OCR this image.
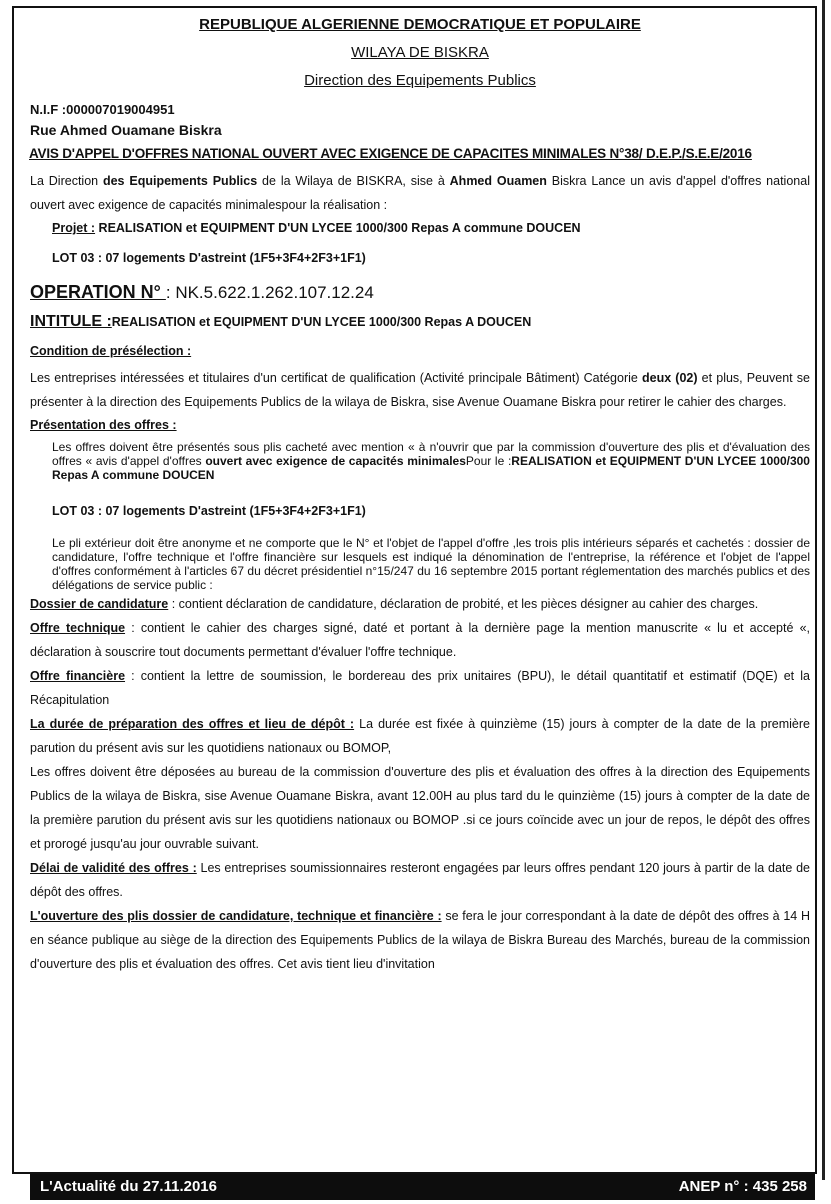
REPUBLIQUE ALGERIENNE DEMOCRATIQUE ET POPULAIRE
WILAYA DE BISKRA
Direction des Equipements Publics

N.I.F :000007019004951

Rue Ahmed Ouamane Biskra

AVIS D'APPEL D'OFFRES NATIONAL OUVERT AVEC EXIGENCE DE CAPACITES MINIMALES N°38/ D.E.P./S.E.E/2016

La Direction des Equipements Publics de la Wilaya de BISKRA, sise à Ahmed Ouamen Biskra Lance un avis d'appel d'offres national ouvert avec exigence de capacités minimalespour la réalisation :

Projet : REALISATION et EQUIPMENT D'UN LYCEE 1000/300 Repas A commune DOUCEN

LOT 03 : 07 logements D'astreint (1F5+3F4+2F3+1F1)

OPERATION N° : NK.5.622.1.262.107.12.24

INTITULE :REALISATION et EQUIPMENT D'UN LYCEE 1000/300 Repas A DOUCEN

Condition de présélection :

Les entreprises intéressées et titulaires d'un certificat de qualification (Activité principale Bâtiment) Catégorie deux (02) et plus, Peuvent se présenter à la direction des Equipements Publics de la wilaya de Biskra, sise Avenue Ouamane Biskra pour retirer le cahier des charges.

Présentation des offres :

Les offres doivent être présentés sous plis cacheté avec mention « à n'ouvrir que par la commission d'ouverture des plis et d'évaluation des offres « avis d'appel d'offres ouvert avec exigence de capacités minimalesPour le :REALISATION et EQUIPMENT D'UN LYCEE 1000/300 Repas A commune DOUCEN

LOT 03 : 07 logements D'astreint (1F5+3F4+2F3+1F1)

Le pli extérieur doit être anonyme et ne comporte que le N° et l'objet de l'appel d'offre ,les trois plis intérieurs séparés et cachetés : dossier de candidature, l'offre technique et l'offre financière sur lesquels est indiqué la dénomination de l'entreprise, la référence et l'objet de l'appel d'offres conformément à l'articles 67 du décret présidentiel n°15/247 du 16 septembre 2015 portant réglementation des marchés publics et des délégations de service public :

Dossier de candidature : contient déclaration de candidature, déclaration de probité, et les pièces désigner au cahier des charges.

Offre technique : contient le cahier des charges signé, daté et portant à la dernière page la mention manuscrite « lu et accepté «, déclaration à souscrire tout documents permettant d'évaluer l'offre technique.

Offre financière : contient la lettre de soumission, le bordereau des prix unitaires (BPU), le détail quantitatif et estimatif (DQE) et la Récapitulation

La durée de préparation des offres et lieu de dépôt : La durée est fixée à quinzième (15) jours à compter de la date de la première parution du présent avis sur les quotidiens nationaux ou BOMOP,

Les offres doivent être déposées au bureau de la commission d'ouverture des plis et évaluation des offres à la direction des Equipements Publics de la wilaya de Biskra, sise Avenue Ouamane Biskra, avant 12.00H au plus tard du le quinzième (15) jours à compter de la date de la première parution du présent avis sur les quotidiens nationaux ou BOMOP .si ce jours coïncide avec un jour de repos, le dépôt des offres et prorogé jusqu'au jour ouvrable suivant.

Délai de validité des offres : Les entreprises soumissionnaires resteront engagées par leurs offres pendant 120 jours à partir de la date de dépôt des offres.

L'ouverture des plis dossier de candidature, technique et financière : se fera le jour correspondant à la date de dépôt des offres à 14 H en séance publique au siège de la direction des Equipements Publics de la wilaya de Biskra Bureau des Marchés, bureau de la commission d'ouverture des plis et évaluation des offres. Cet avis tient lieu d'invitation

L'Actualité du 27.11.2016	ANEP n° : 435 258
